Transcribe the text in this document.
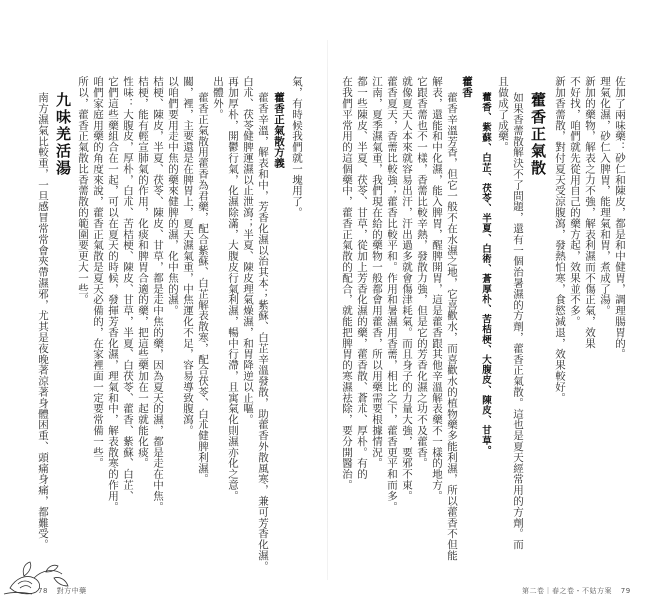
佐加了兩味藥：砂仁和陳皮，都是和中健胃，調理腸胃的。
理氣化濕，砂仁入脾胃，能理氣和胃，煮成了湯。
新加的藥物，解表之力不強，解表利濕而不傷正氣，效果
不好找，咱們就先從用自己的藥方起，效果並不多。
新加香薷散，對付夏天受涼腹瀉，發熱怕寒，食慾減退，效果較好。
藿香正氣散
如果香薷散解決不了問題，還有一個治暑濕的方劑，藿香正氣散。這也是夏天經常用的方劑。而
且做成了成藥。
藿香、紫蘇、白芷、茯苓、半夏、白術、蒼厚朴、苦桔梗、大腹皮、陳皮、甘草。
藿香
藿香辛溫芳香，但它一般不在水濕之地，它喜歡水，而喜歡水的植物藥多能利濕，所以藿香不但能
解表，還能和中化濕，能入脾胃，醒脾開胃，這是藿香跟其他辛溫解表藥不一樣的地方。
它跟香薷也不一樣，香薷比較辛熱，發散力強，但是它的芳香化濕之功不及藿香。
就像夏天人本來就容易出汗，汗出過多就會傷津耗氣。而且身子的力量大強，要邪不東。
藿香夏天，香薷比較強；藿香比較平和。作用和暑濕用香薷，相比之下，藿香更平和而多。
江南，夏季濕氣重，我們現在給的藥物一般都會用藿香，所以用藥需要根據情況。
都一些陳皮、半夏、茯苓、甘草，從加上芳香化濕的藥，藿香散、蒼朮、厚朴。有的
在我們平常用的這個藥中，藿香正氣散的配合，就能把脾胃的寒濕祛除，要分開醫治。
氣，有時候我們就一塊用了。
藿香正氣散方義
藿香辛溫，解表和中，芳香化濕以治其本；紫蘇、白芷辛溫發散，助藿香外散風寒，兼可芳香化濕。
白朮、茯苓健脾運濕以止泄瀉；半夏、陳皮理氣燥濕，和胃降逆以止嘔。
再加厚朴，開鬱行氣，化濕除滿，大腹皮行氣利濕，暢中行滯，且寓氣化則濕亦化之意。
出體外。
藿香正氣散用藿香為君藥，配合紫蘇、白芷解表散寒，配合茯苓、白朮健脾利濕。
關，裡，主要還是在脾胃上，夏天濕氣重，中焦運化不足，容易導致腹瀉。
以咱們要用走中焦的藥來健脾的濕，化中焦的濕。
桔梗、陳皮，半夏、茯苓、陳皮、甘草，都是走中焦的藥，因為夏天的濕，都是走在中焦。
桔梗，能有輕宣肺氣的作用，化痰和脾胃合適的藥，把這些藥加在一起就能化痰。
性味：大腹皮，厚朴，白朮、苦桔梗、陳皮、甘草，半夏、白茯苓、藿香、紫蘇、白芷、
它們這些藥組合在一起，可以在夏天的時候，發揮芳香化濕，理氣和中，解表散寒的作用。
咱們家庭用藥的角度來說，藿香正氣散是夏天必備的，在家裡面一定要常備一些。
所以，藿香正氣散比香薷散的範圍要更大一些。
九味羌活湯
南方濕氣比較重，一旦感冒常常會夾帶濕邪，尤其是夜晚著涼著身體困重、頭痛身痛，都難受。
78 對方中藥	第二卷｜春之卷・不姑方案 79
